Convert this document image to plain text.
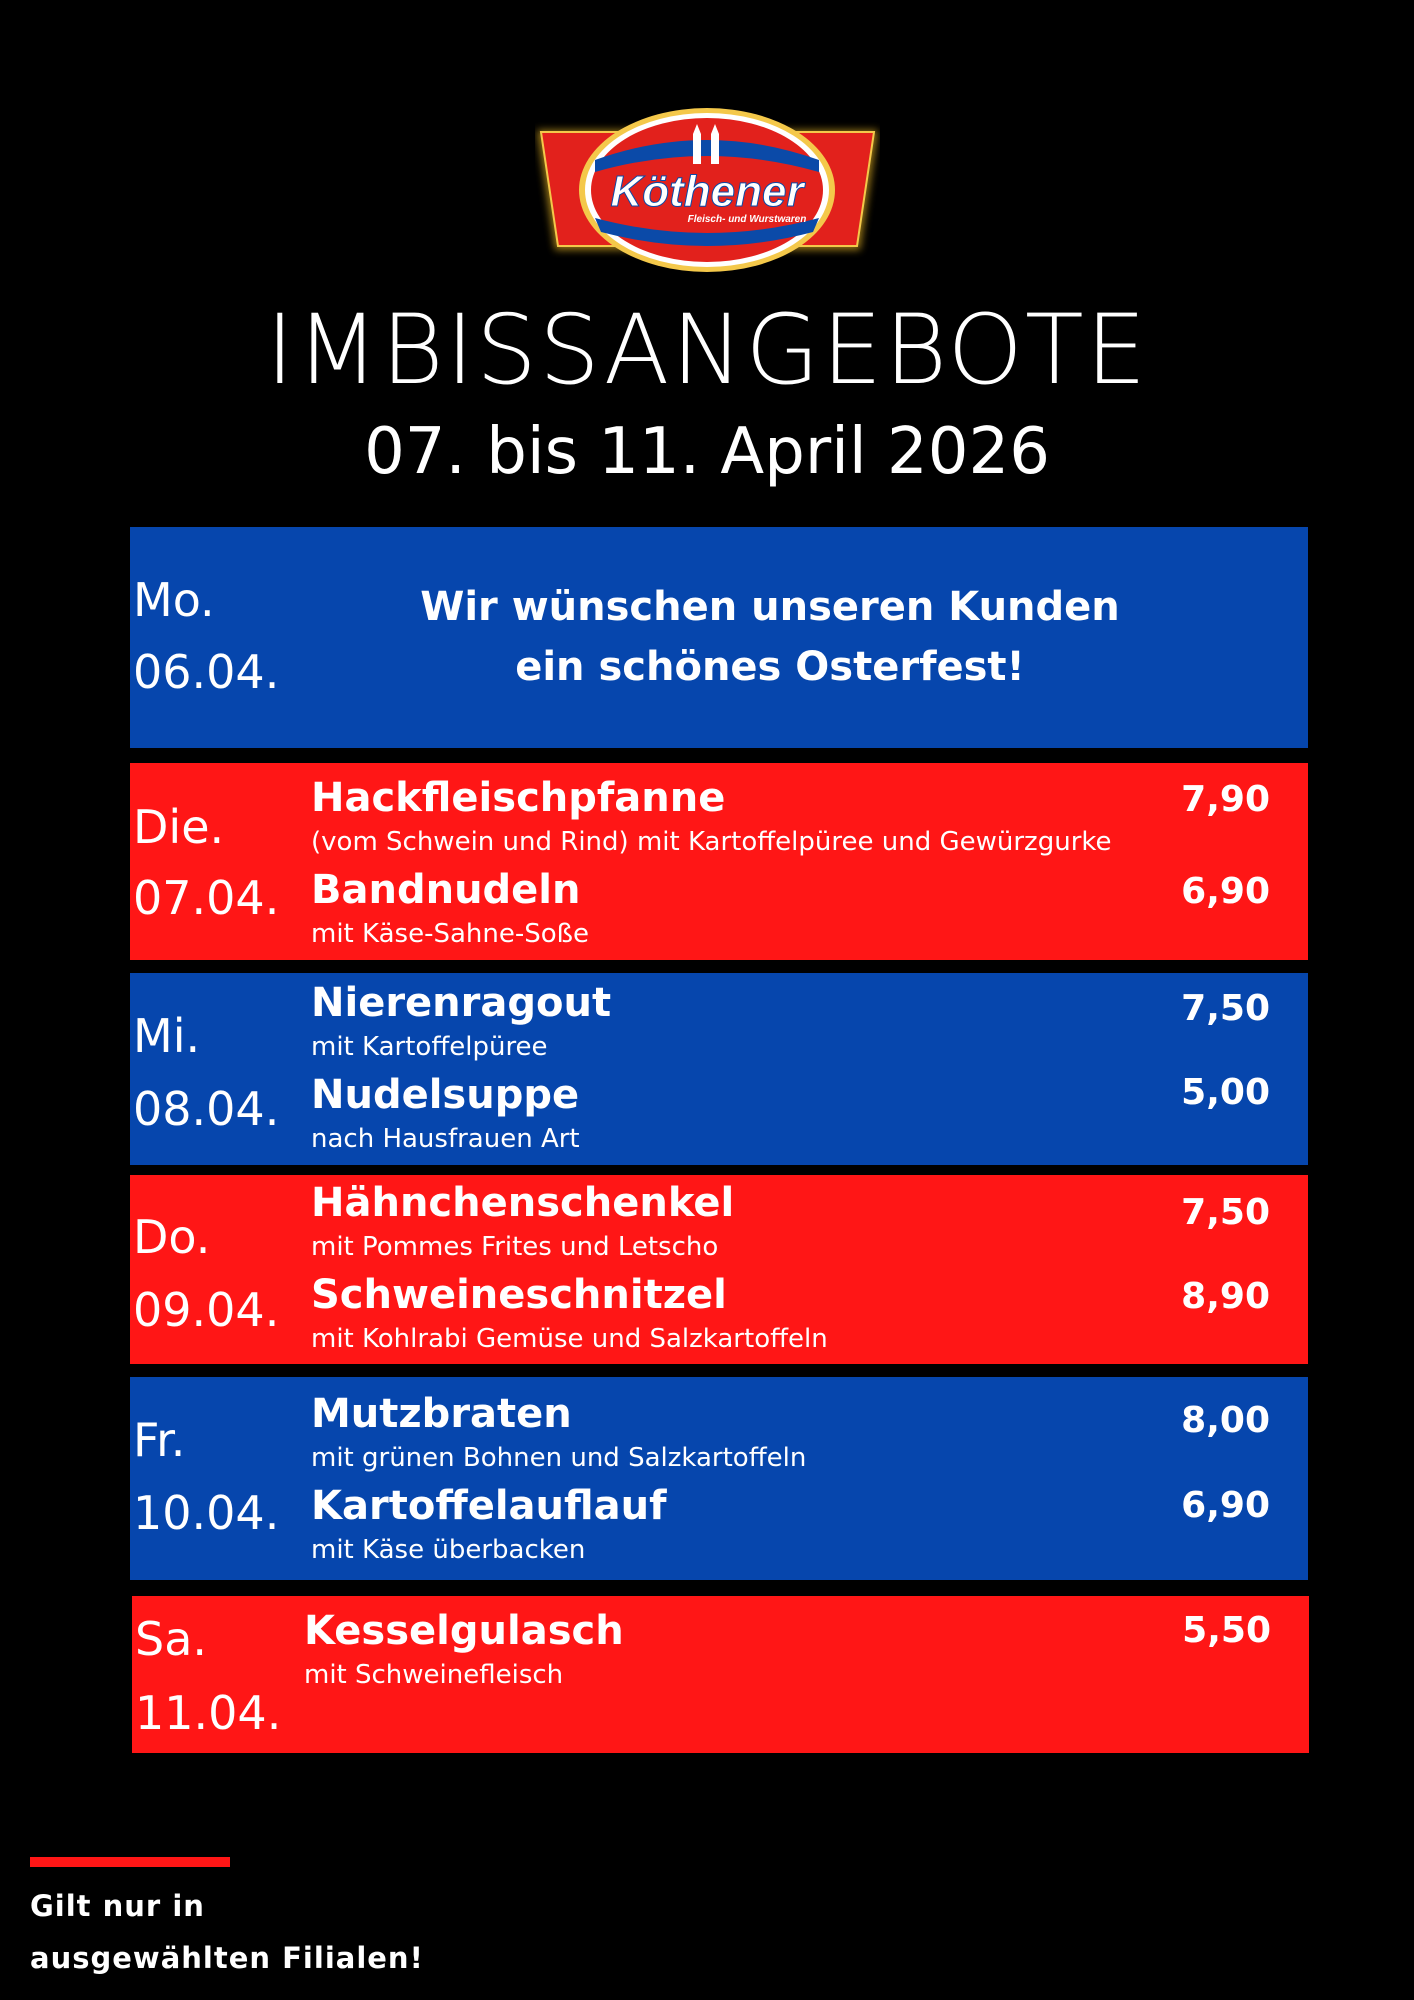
Köthener
Fleisch- und Wurstwaren
IMBISSANGEBOTE
07. bis 11. April 2026
Mo.
06.04.
Wir wünschen unseren Kunden
ein schönes Osterfest!
Die.
07.04.
Hackfleischpfanne
(vom Schwein und Rind) mit Kartoffelpüree und Gewürzgurke
7,90
Bandnudeln
mit Käse-Sahne-Soße
6,90
Mi.
08.04.
Nierenragout
mit Kartoffelpüree
7,50
Nudelsuppe
nach Hausfrauen Art
5,00
Do.
09.04.
Hähnchenschenkel
mit Pommes Frites und Letscho
7,50
Schweineschnitzel
mit Kohlrabi Gemüse und Salzkartoffeln
8,90
Fr.
10.04.
Mutzbraten
mit grünen Bohnen und Salzkartoffeln
8,00
Kartoffelauflauf
mit Käse überbacken
6,90
Sa.
11.04.
Kesselgulasch
mit Schweinefleisch
5,50
Gilt nur in
ausgewählten Filialen!
